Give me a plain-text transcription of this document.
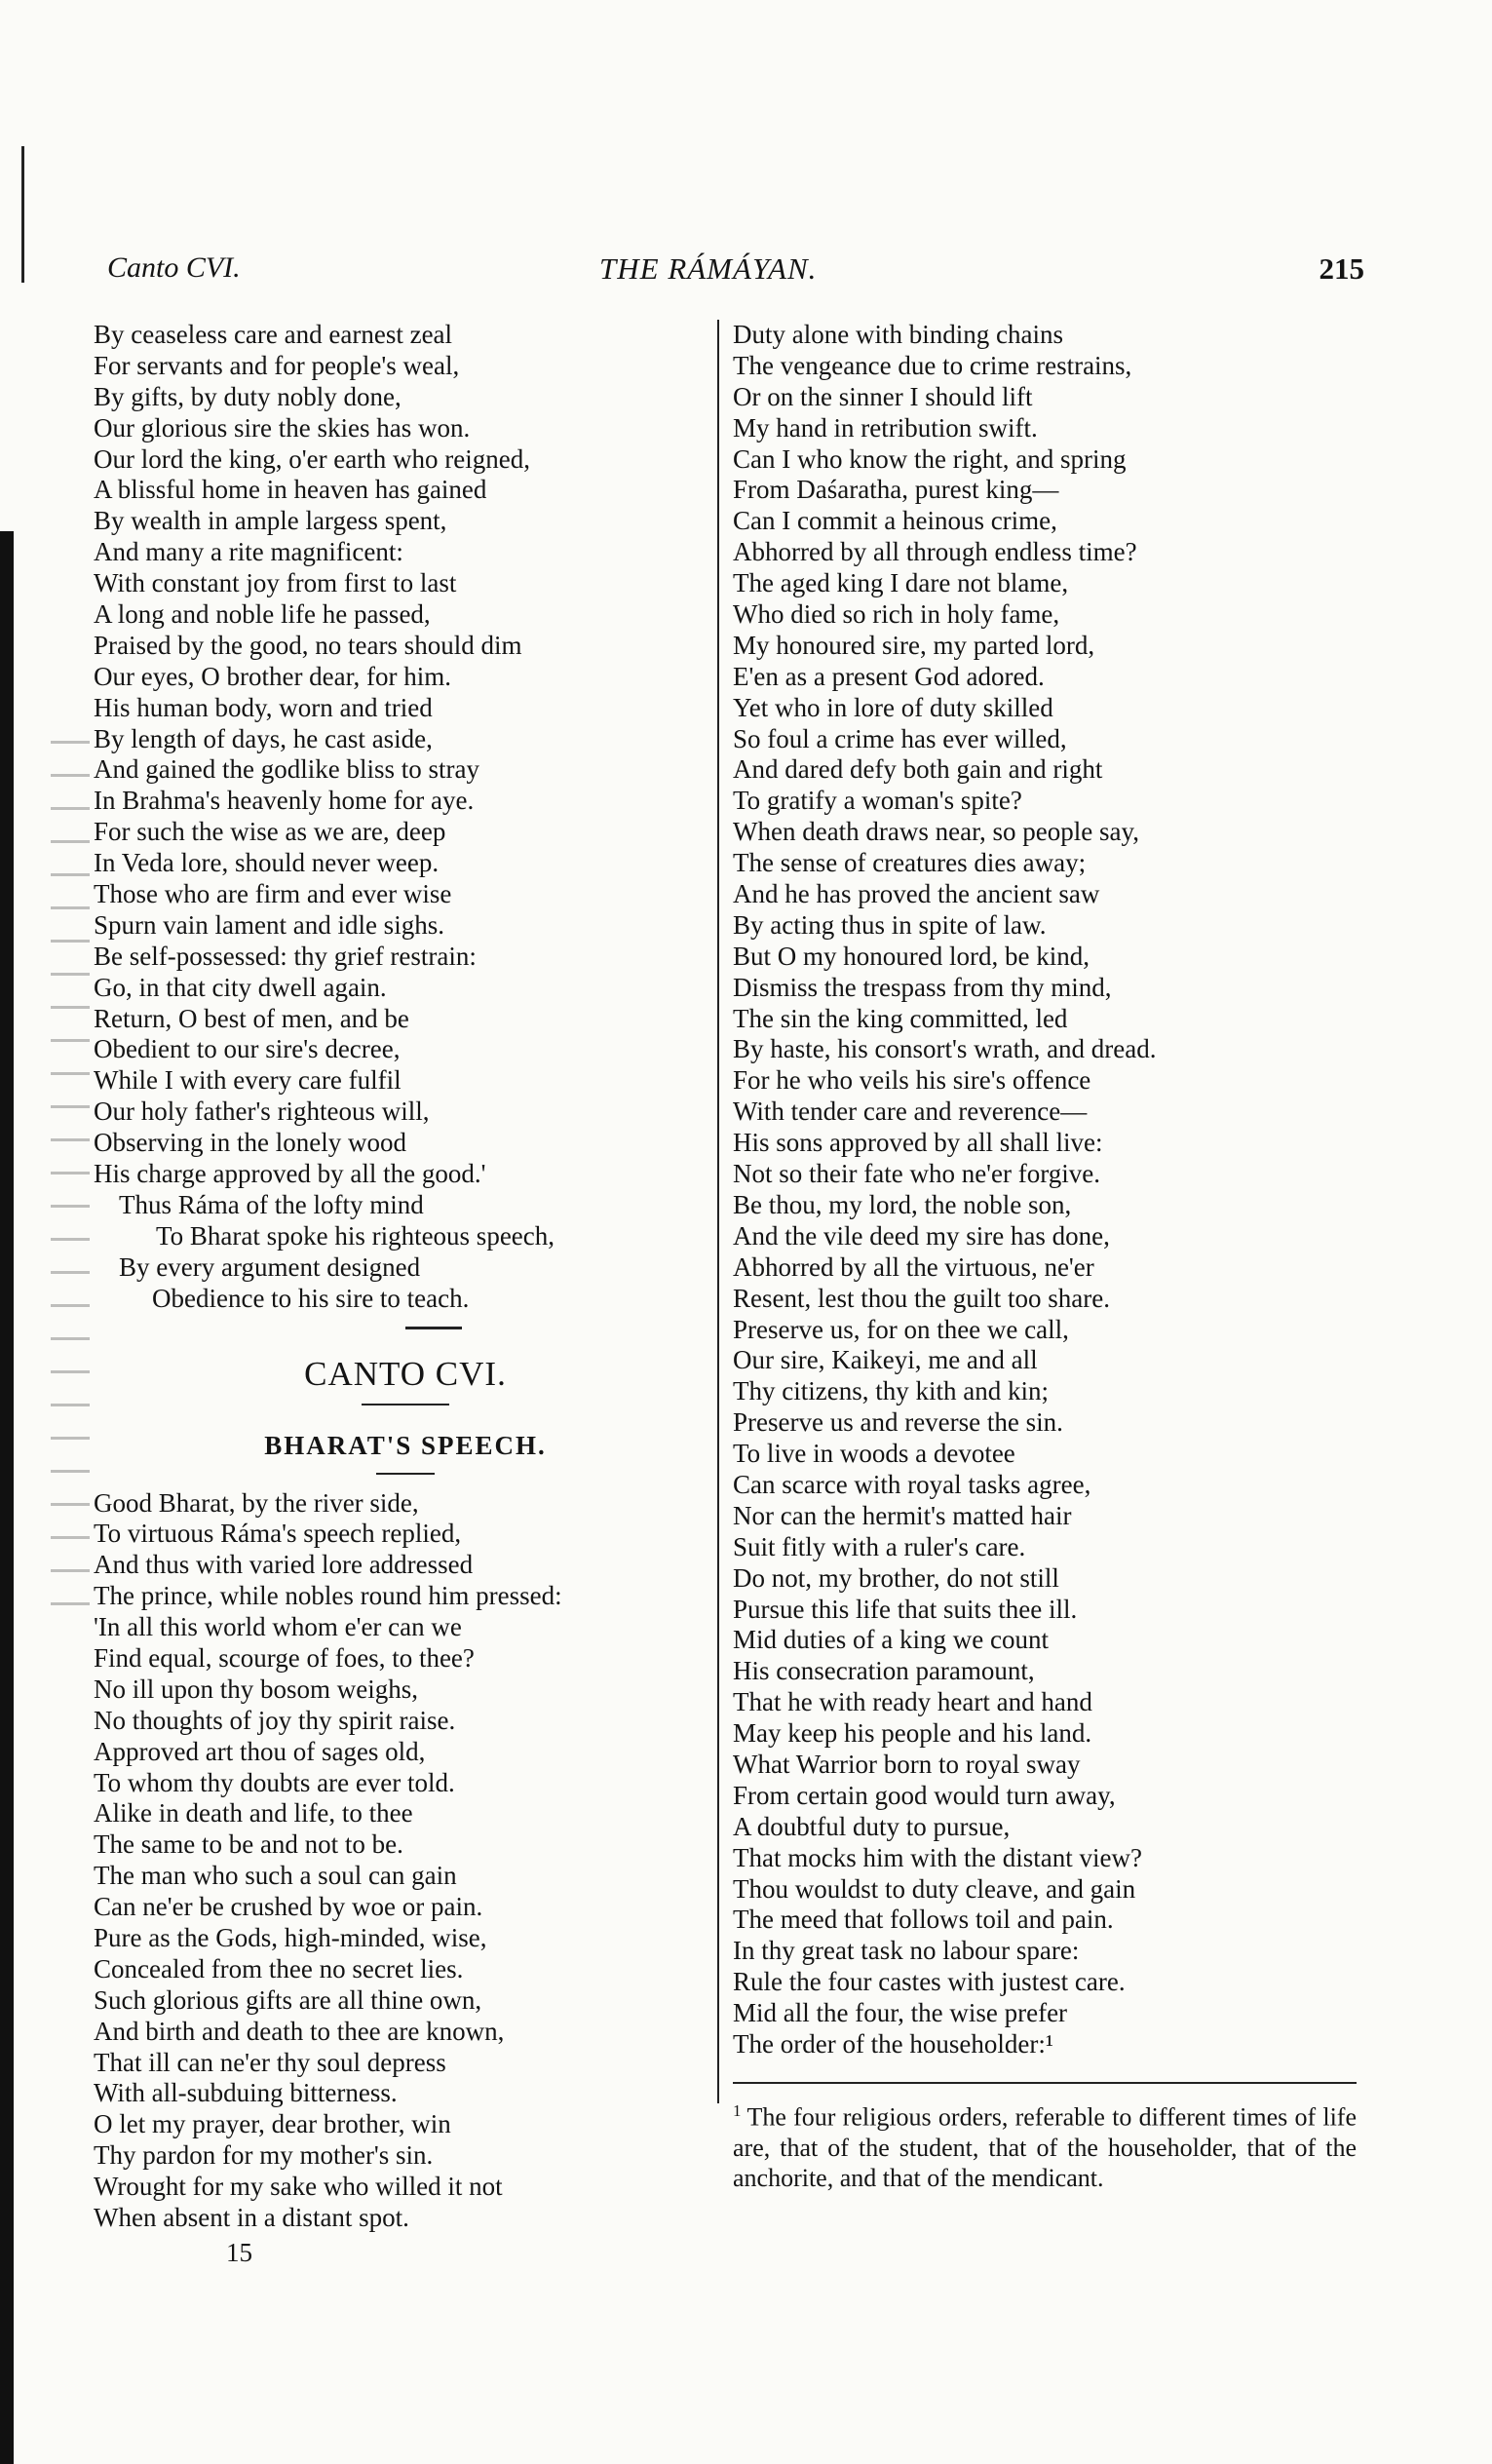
Canto CVI.	THE RÁMÁYAN.	215
By ceaseless care and earnest zeal
For servants and for people's weal,
By gifts, by duty nobly done,
Our glorious sire the skies has won.
Our lord the king, o'er earth who reigned,
A blissful home in heaven has gained
By wealth in ample largess spent,
And many a rite magnificent:
With constant joy from first to last
A long and noble life he passed,
Praised by the good, no tears should dim
Our eyes, O brother dear, for him.
His human body, worn and tried
By length of days, he cast aside,
And gained the godlike bliss to stray
In Brahma's heavenly home for aye.
For such the wise as we are, deep
In Veda lore, should never weep.
Those who are firm and ever wise
Spurn vain lament and idle sighs.
Be self-possessed: thy grief restrain:
Go, in that city dwell again.
Return, O best of men, and be
Obedient to our sire's decree,
While I with every care fulfil
Our holy father's righteous will,
Observing in the lonely wood
His charge approved by all the good.'
Thus Ráma of the lofty mind
To Bharat spoke his righteous speech,
By every argument designed
Obedience to his sire to teach.
CANTO CVI.
BHARAT'S SPEECH.
Good Bharat, by the river side,
To virtuous Ráma's speech replied,
And thus with varied lore addressed
The prince, while nobles round him pressed:
'In all this world whom e'er can we
Find equal, scourge of foes, to thee?
No ill upon thy bosom weighs,
No thoughts of joy thy spirit raise.
Approved art thou of sages old,
To whom thy doubts are ever told.
Alike in death and life, to thee
The same to be and not to be.
The man who such a soul can gain
Can ne'er be crushed by woe or pain.
Pure as the Gods, high-minded, wise,
Concealed from thee no secret lies.
Such glorious gifts are all thine own,
And birth and death to thee are known,
That ill can ne'er thy soul depress
With all-subduing bitterness.
O let my prayer, dear brother, win
Thy pardon for my mother's sin.
Wrought for my sake who willed it not
When absent in a distant spot.
Duty alone with binding chains
The vengeance due to crime restrains,
Or on the sinner I should lift
My hand in retribution swift.
Can I who know the right, and spring
From Daśaratha, purest king—
Can I commit a heinous crime,
Abhorred by all through endless time?
The aged king I dare not blame,
Who died so rich in holy fame,
My honoured sire, my parted lord,
E'en as a present God adored.
Yet who in lore of duty skilled
So foul a crime has ever willed,
And dared defy both gain and right
To gratify a woman's spite?
When death draws near, so people say,
The sense of creatures dies away;
And he has proved the ancient saw
By acting thus in spite of law.
But O my honoured lord, be kind,
Dismiss the trespass from thy mind,
The sin the king committed, led
By haste, his consort's wrath, and dread.
For he who veils his sire's offence
With tender care and reverence—
His sons approved by all shall live:
Not so their fate who ne'er forgive.
Be thou, my lord, the noble son,
And the vile deed my sire has done,
Abhorred by all the virtuous, ne'er
Resent, lest thou the guilt too share.
Preserve us, for on thee we call,
Our sire, Kaikeyi, me and all
Thy citizens, thy kith and kin;
Preserve us and reverse the sin.
To live in woods a devotee
Can scarce with royal tasks agree,
Nor can the hermit's matted hair
Suit fitly with a ruler's care.
Do not, my brother, do not still
Pursue this life that suits thee ill.
Mid duties of a king we count
His consecration paramount,
That he with ready heart and hand
May keep his people and his land.
What Warrior born to royal sway
From certain good would turn away,
A doubtful duty to pursue,
That mocks him with the distant view?
Thou wouldst to duty cleave, and gain
The meed that follows toil and pain.
In thy great task no labour spare:
Rule the four castes with justest care.
Mid all the four, the wise prefer
The order of the householder:¹
$^1$ The four religious orders, referable to different times of life are, that of the student, that of the householder, that of the anchorite, and that of the mendicant.
15
